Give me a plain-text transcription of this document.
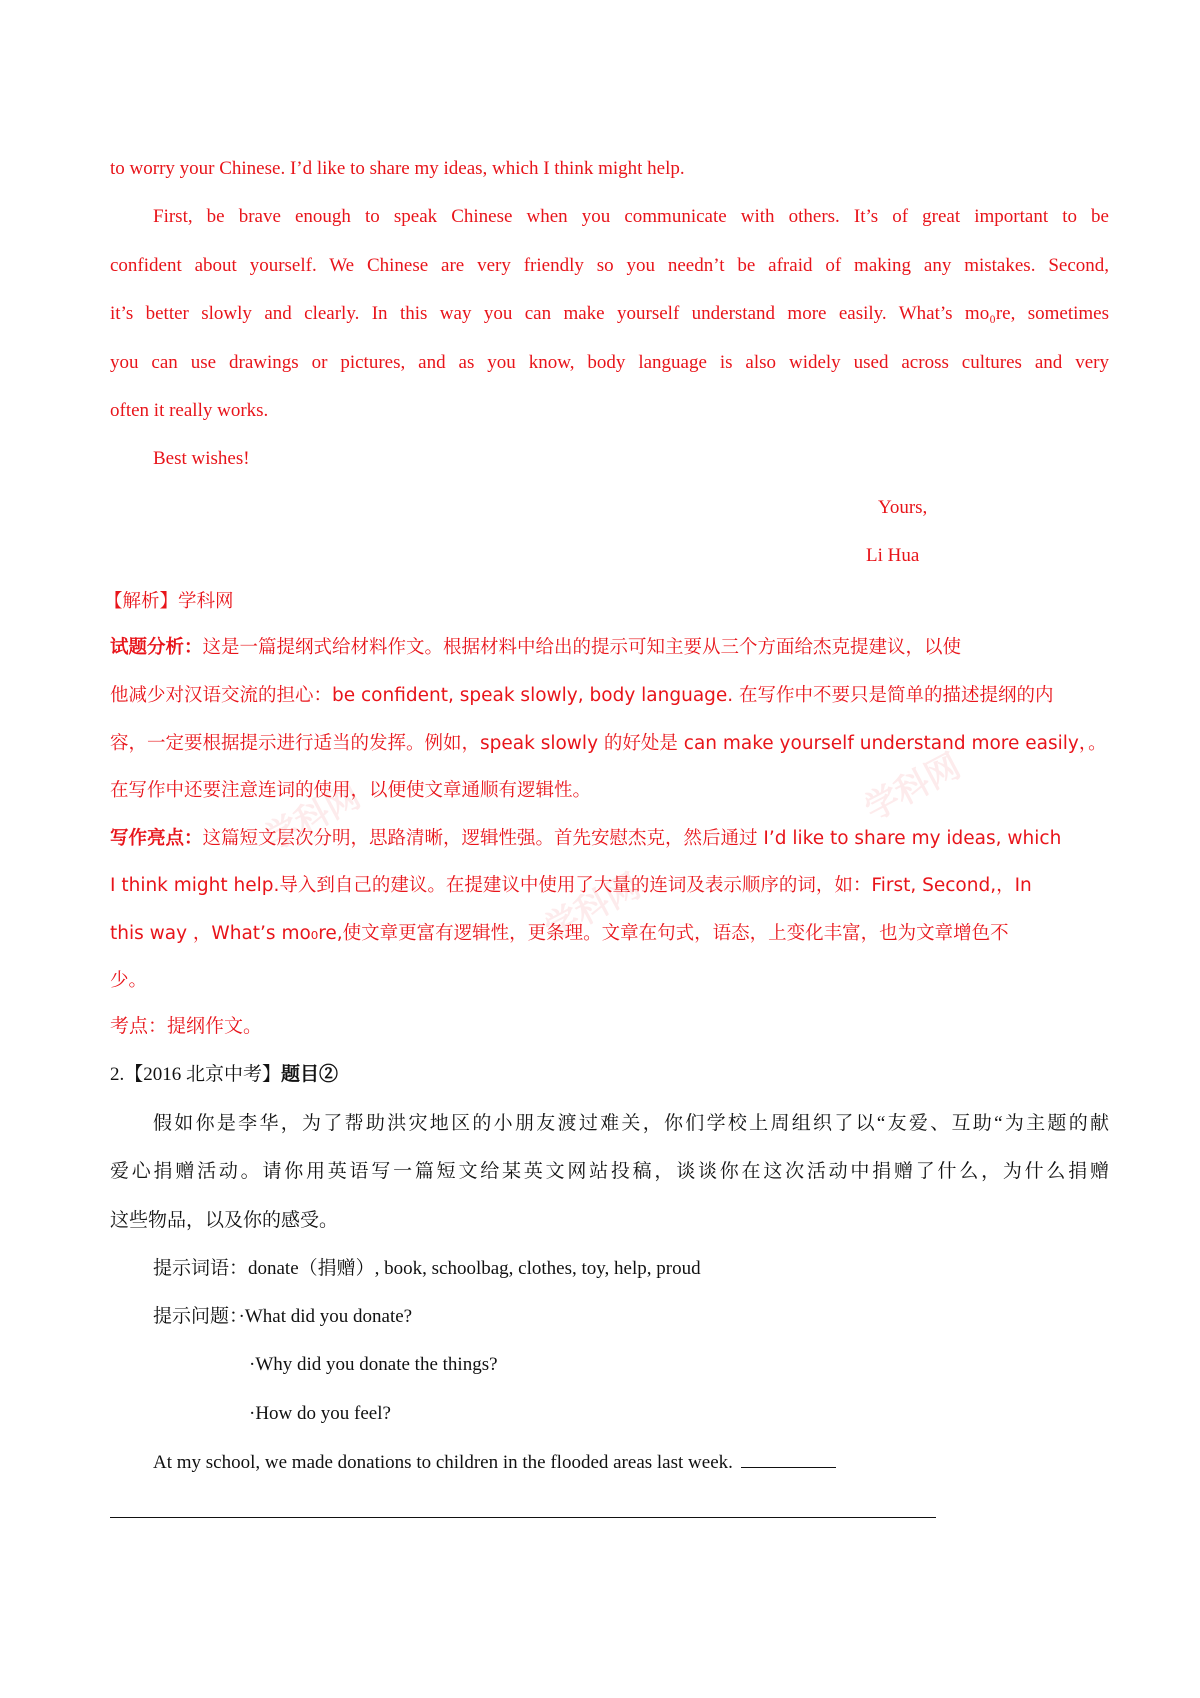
学科网
学科网
学科网
to worry your Chinese. I’d like to share my ideas, which I think might help.
First, be brave enough to speak Chinese when you communicate with others. It’s of great important to be
confident about yourself. We Chinese are very friendly so you needn’t be afraid of making any mistakes. Second,
it’s better slowly and clearly. In this way you can make yourself understand more easily. What’s mo₀re, sometimes
you can use drawings or pictures, and as you know, body language is also widely used across cultures and very
often it really works.
Best wishes!
Yours,
Li Hua
【解析】学科网
试题分析：这是一篇提纲式给材料作文。根据材料中给出的提示可知主要从三个方面给杰克提建议，以使
他减少对汉语交流的担心：be confident, speak slowly, body language. 在写作中不要只是简单的描述提纲的内
容，一定要根据提示进行适当的发挥。例如，speak slowly 的好处是 can make yourself understand more easily，。
在写作中还要注意连词的使用，以便使文章通顺有逻辑性。
写作亮点：这篇短文层次分明，思路清晰，逻辑性强。首先安慰杰克，然后通过 I’d like to share my ideas, which
I think might help.导入到自己的建议。在提建议中使用了大量的连词及表示顺序的词，如：First, Second,，In
this way ，What’s mo₀re,使文章更富有逻辑性，更条理。文章在句式，语态，上变化丰富，也为文章增色不
少。
考点：提纲作文。
2.【2016 北京中考】题目②
假如你是李华，为了帮助洪灾地区的小朋友渡过难关，你们学校上周组织了以“友爱、互助“为主题的献
爱心捐赠活动。请你用英语写一篇短文给某英文网站投稿，谈谈你在这次活动中捐赠了什么，为什么捐赠
这些物品，以及你的感受。
提示词语：donate（捐赠）, book, schoolbag, clothes, toy, help, proud
提示问题：·What did you donate?
·Why did you donate the things?
·How do you feel?
At my school, we made donations to children in the flooded areas last week.
